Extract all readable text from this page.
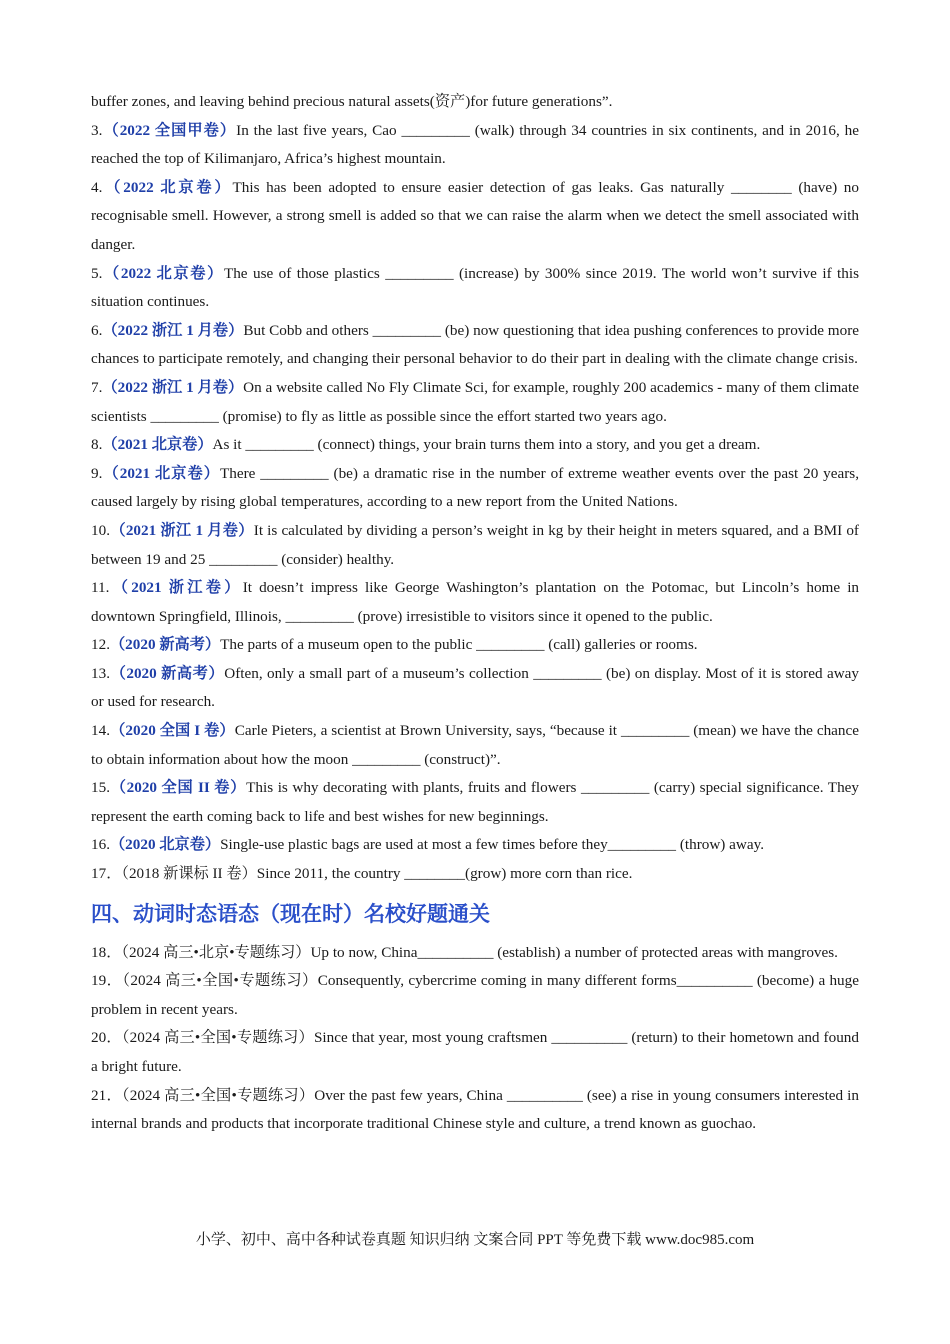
buffer zones, and leaving behind precious natural assets(资产)for future generations”.

3.（2022 全国甲卷）In the last five years, Cao _________ (walk) through 34 countries in six continents, and in 2016, he reached the top of Kilimanjaro, Africa’s highest mountain.

4.（2022 北京卷）This has been adopted to ensure easier detection of gas leaks. Gas naturally ________ (have) no recognisable smell. However, a strong smell is added so that we can raise the alarm when we detect the smell associated with danger.

5.（2022 北京卷）The use of those plastics _________ (increase) by 300% since 2019. The world won’t survive if this situation continues.

6.（2022 浙江 1 月卷）But Cobb and others _________ (be) now questioning that idea pushing conferences to provide more chances to participate remotely, and changing their personal behavior to do their part in dealing with the climate change crisis.

7.（2022 浙江 1 月卷）On a website called No Fly Climate Sci, for example, roughly 200 academics - many of them climate scientists _________ (promise) to fly as little as possible since the effort started two years ago.

8.（2021 北京卷）As it _________ (connect) things, your brain turns them into a story, and you get a dream.

9.（2021 北京卷）There _________ (be) a dramatic rise in the number of extreme weather events over the past 20 years, caused largely by rising global temperatures, according to a new report from the United Nations.

10.（2021 浙江 1 月卷）It is calculated by dividing a person’s weight in kg by their height in meters squared, and a BMI of between 19 and 25 _________ (consider) healthy.

11.（2021 浙江卷）It doesn’t impress like George Washington’s plantation on the Potomac, but Lincoln’s home in downtown Springfield, Illinois, _________ (prove) irresistible to visitors since it opened to the public.

12.（2020 新高考）The parts of a museum open to the public _________ (call) galleries or rooms.

13.（2020 新高考）Often, only a small part of a museum’s collection _________ (be) on display. Most of it is stored away or used for research.

14.（2020 全国 I 卷）Carle Pieters, a scientist at Brown University, says, “because it _________ (mean) we have the chance to obtain information about how the moon _________ (construct)”.

15.（2020 全国 II 卷）This is why decorating with plants, fruits and flowers _________ (carry) special significance. They represent the earth coming back to life and best wishes for new beginnings.

16.（2020 北京卷）Single-use plastic bags are used at most a few times before they_________ (throw) away.

17．（2018 新课标 II 卷）Since 2011, the country ________(grow) more corn than rice.

四、动词时态语态（现在时）名校好题通关

18．（2024 高三•北京•专题练习）Up to now, China__________ (establish) a number of protected areas with mangroves.

19．（2024 高三•全国•专题练习）Consequently, cybercrime coming in many different forms__________ (become) a huge problem in recent years.

20．（2024 高三•全国•专题练习）Since that year, most young craftsmen __________ (return) to their hometown and found a bright future.

21．（2024 高三•全国•专题练习）Over the past few years, China __________ (see) a rise in young consumers interested in internal brands and products that incorporate traditional Chinese style and culture, a trend known as guochao.

小学、初中、高中各种试卷真题 知识归纳 文案合同 PPT 等免费下载 www.doc985.com
